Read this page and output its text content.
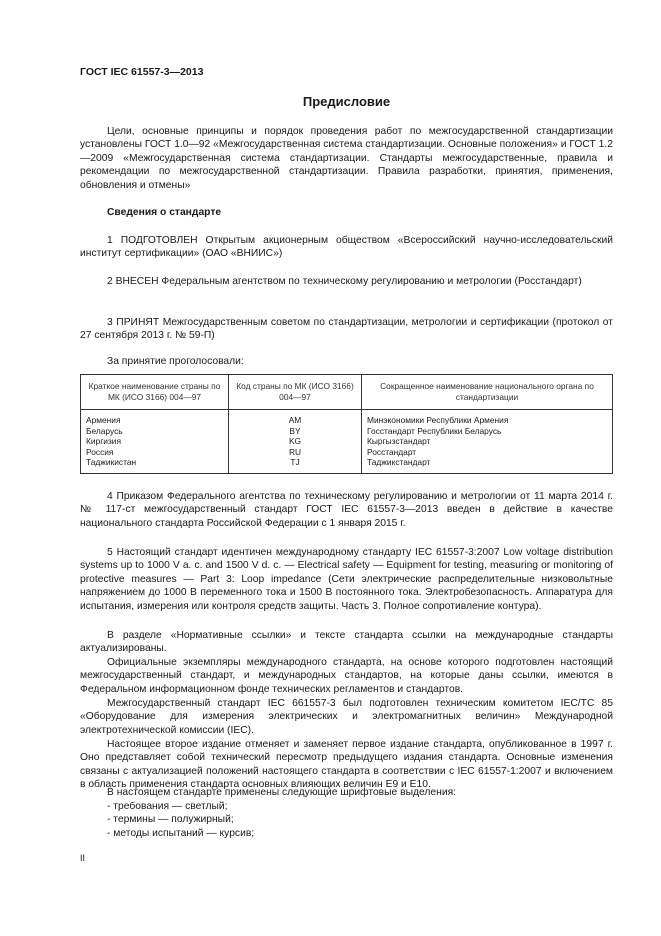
ГОСТ IEC 61557-3—2013
Предисловие

Цели, основные принципы и порядок проведения работ по межгосударственной стандартизации установлены ГОСТ 1.0—92 «Межгосударственная система стандартизации. Основные положения» и ГОСТ 1.2—2009 «Межгосударственная система стандартизации. Стандарты межгосударственные, правила и рекомендации по межгосударственной стандартизации. Правила разработки, принятия, применения, обновления и отмены»

Сведения о стандарте

1 ПОДГОТОВЛЕН Открытым акционерным обществом «Всероссийский научно-исследовательский институт сертификации» (ОАО «ВНИИС»)

2 ВНЕСЕН Федеральным агентством по техническому регулированию и метрологии (Росстандарт)

3 ПРИНЯТ Межгосударственным советом по стандартизации, метрологии и сертификации (протокол от 27 сентября 2013 г. № 59-П)

За принятие проголосовали:
Краткое наименование страны по МК (ИСО 3166) 004—97	Код страны по МК (ИСО 3166) 004—97	Сокращенное наименование национального органа по стандартизации
Армения	AM	Минэкономики Республики Армения
Беларусь	BY	Госстандарт Республики Беларусь
Киргизия	KG	Кыргызстандарт
Россия	RU	Росстандарт
Таджикистан	TJ	Таджикстандарт

4 Приказом Федерального агентства по техническому регулированию и метрологии от 11 марта 2014 г. № 117-ст межгосударственный стандарт ГОСТ IEC 61557-3—2013 введен в действие в качестве национального стандарта Российской Федерации с 1 января 2015 г.

5 Настоящий стандарт идентичен международному стандарту IEC 61557-3:2007 Low voltage distribution systems up to 1000 V a. c. and 1500 V d. c. — Electrical safety — Equipment for testing, measuring or monitoring of protective measures — Part 3: Loop impedance (Сети электрические распределительные низковольтные напряжением до 1000 В переменного тока и 1500 В постоянного тока. Электробезопасность. Аппаратура для испытания, измерения или контроля средств защиты. Часть 3. Полное сопротивление контура).

В разделе «Нормативные ссылки» и тексте стандарта ссылки на международные стандарты актуализированы.

Официальные экземпляры международного стандарта, на основе которого подготовлен настоящий межгосударственный стандарт, и международных стандартов, на которые даны ссылки, имеются в Федеральном информационном фонде технических регламентов и стандартов.

Межгосударственный стандарт IEC 661557-3 был подготовлен техническим комитетом IEC/TC 85 «Оборудование для измерения электрических и электромагнитных величин» Международной электротехнической комиссии (IEC).

Настоящее второе издание отменяет и заменяет первое издание стандарта, опубликованное в 1997 г. Оно представляет собой технический пересмотр предыдущего издания стандарта. Основные изменения связаны с актуализацией положений настоящего стандарта в соответствии с IEC 61557-1:2007 и включением в область применения стандарта основных влияющих величин E9 и E10.

В настоящем стандарте применены следующие шрифтовые выделения:
- требования — светлый;
- термины — полужирный;
- методы испытаний — курсив;
II
